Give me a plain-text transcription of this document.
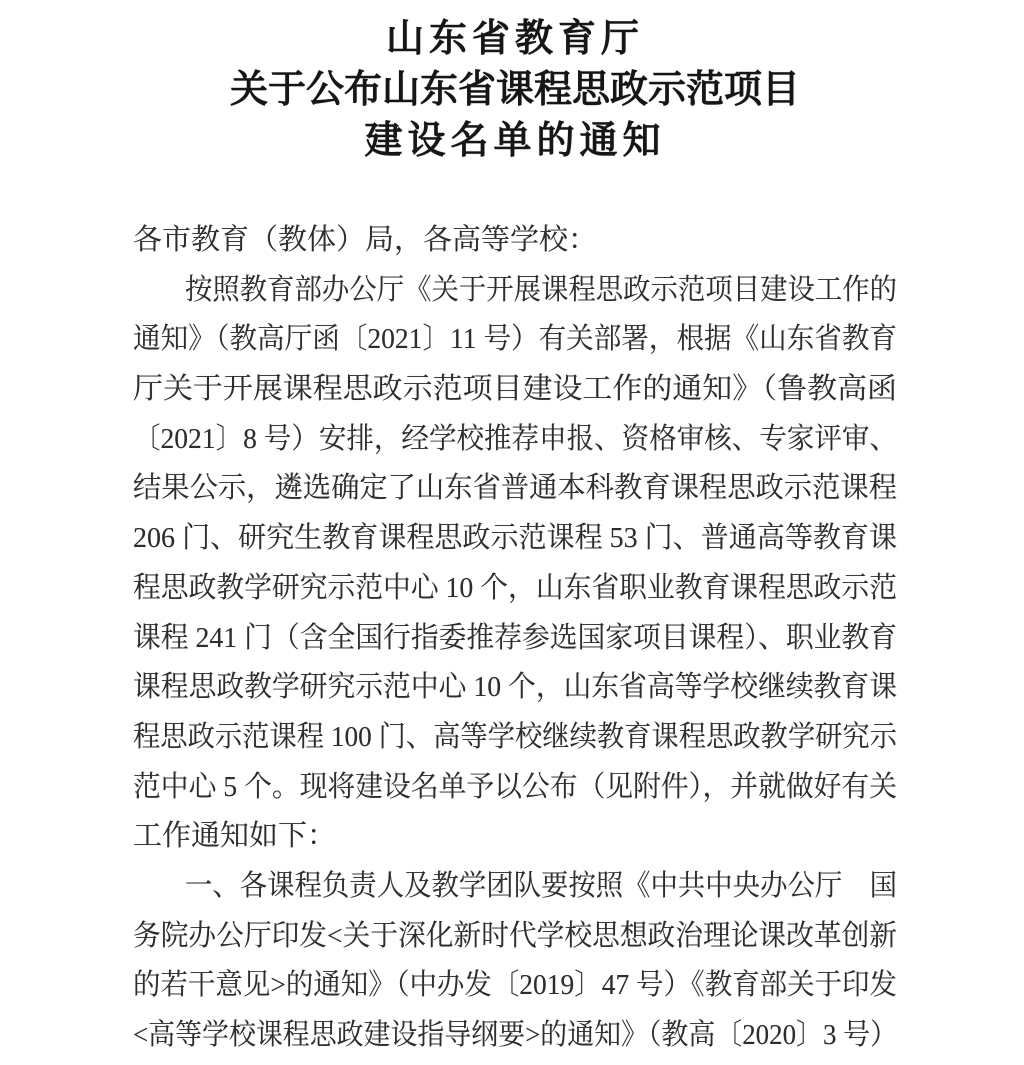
山东省教育厅
关于公布山东省课程思政示范项目
建设名单的通知
各市教育（教体）局，各高等学校：
按照教育部办公厅《关于开展课程思政示范项目建设工作的
通知》（教高厅函〔2021〕11 号）有关部署，根据《山东省教育
厅关于开展课程思政示范项目建设工作的通知》（鲁教高函
〔2021〕8 号）安排，经学校推荐申报、资格审核、专家评审、
结果公示，遴选确定了山东省普通本科教育课程思政示范课程
206 门、研究生教育课程思政示范课程 53 门、普通高等教育课
程思政教学研究示范中心 10 个，山东省职业教育课程思政示范
课程 241 门（含全国行指委推荐参选国家项目课程）、职业教育
课程思政教学研究示范中心 10 个，山东省高等学校继续教育课
程思政示范课程 100 门、高等学校继续教育课程思政教学研究示
范中心 5 个。现将建设名单予以公布（见附件），并就做好有关
工作通知如下：
一、各课程负责人及教学团队要按照《中共中央办公厅　国
务院办公厅印发<关于深化新时代学校思想政治理论课改革创新
的若干意见>的通知》（中办发〔2019〕47 号）《教育部关于印发
<高等学校课程思政建设指导纲要>的通知》（教高〔2020〕3 号）
